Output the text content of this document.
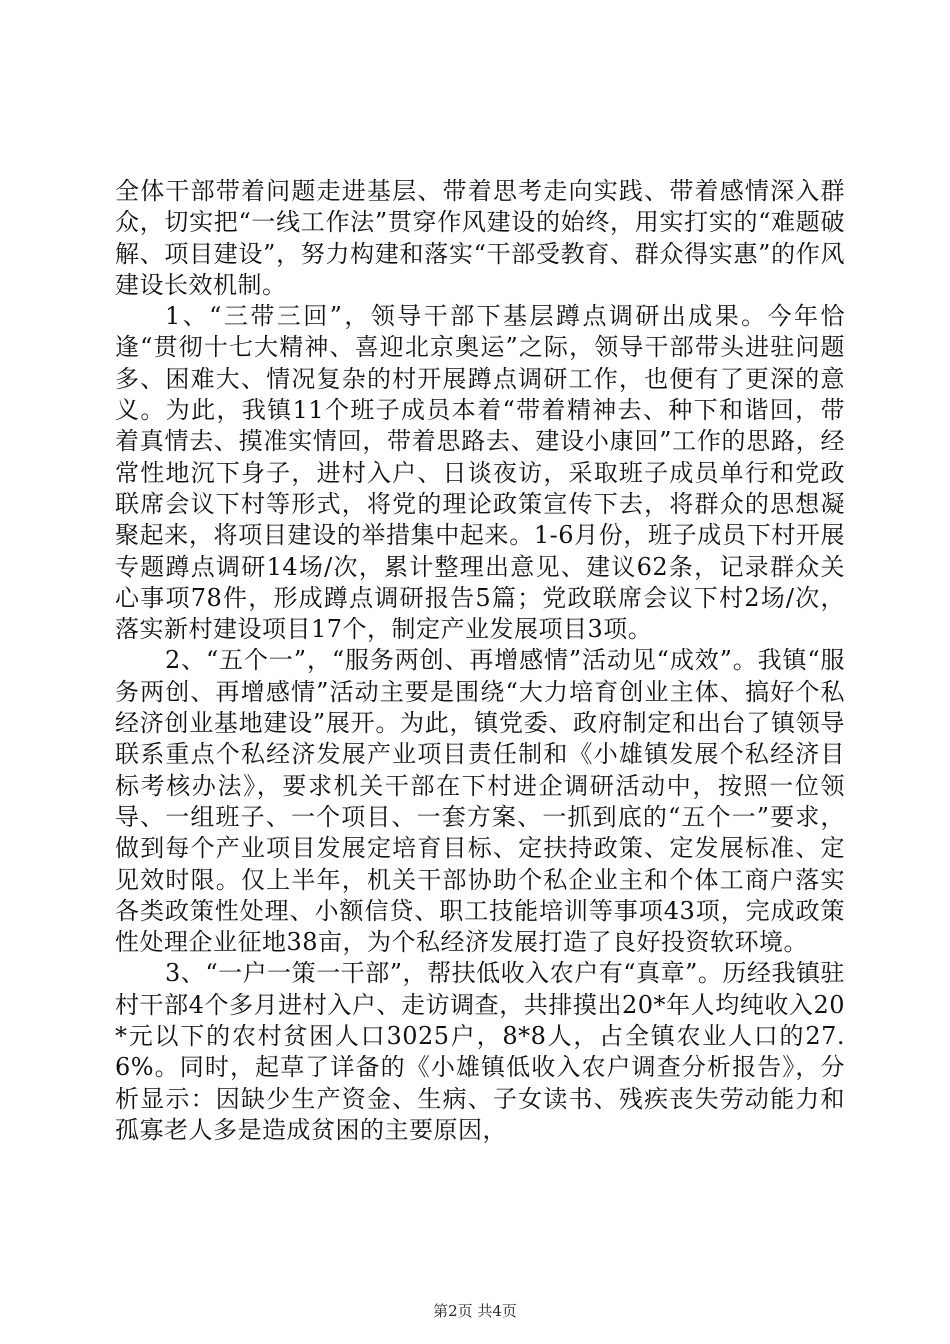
全体干部带着问题走进基层、带着思考走向实践、带着感情深入群众，切实把“一线工作法”贯穿作风建设的始终，用实打实的“难题破解、项目建设”，努力构建和落实“干部受教育、群众得实惠”的作风建设长效机制。

1、“三带三回”，领导干部下基层蹲点调研出成果。今年恰逢“贯彻十七大精神、喜迎北京奥运”之际，领导干部带头进驻问题多、困难大、情况复杂的村开展蹲点调研工作，也便有了更深的意义。为此，我镇11个班子成员本着“带着精神去、种下和谐回，带着真情去、摸准实情回，带着思路去、建设小康回”工作的思路，经常性地沉下身子，进村入户、日谈夜访，采取班子成员单行和党政联席会议下村等形式，将党的理论政策宣传下去，将群众的思想凝聚起来，将项目建设的举措集中起来。1-6月份，班子成员下村开展专题蹲点调研14场/次，累计整理出意见、建议62条，记录群众关心事项78件，形成蹲点调研报告5篇；党政联席会议下村2场/次，落实新村建设项目17个，制定产业发展项目3项。

2、“五个一”，“服务两创、再增感情”活动见“成效”。我镇“服务两创、再增感情”活动主要是围绕“大力培育创业主体、搞好个私经济创业基地建设”展开。为此，镇党委、政府制定和出台了镇领导联系重点个私经济发展产业项目责任制和《小雄镇发展个私经济目标考核办法》，要求机关干部在下村进企调研活动中，按照一位领导、一组班子、一个项目、一套方案、一抓到底的“五个一”要求，做到每个产业项目发展定培育目标、定扶持政策、定发展标准、定见效时限。仅上半年，机关干部协助个私企业主和个体工商户落实各类政策性处理、小额信贷、职工技能培训等事项43项，完成政策性处理企业征地38亩，为个私经济发展打造了良好投资软环境。

3、“一户一策一干部”，帮扶低收入农户有“真章”。历经我镇驻村干部4个多月进村入户、走访调查，共排摸出20*年人均纯收入20*元以下的农村贫困人口3025户，8*8人，占全镇农业人口的27.6%。同时，起草了详备的《小雄镇低收入农户调查分析报告》，分析显示：因缺少生产资金、生病、子女读书、残疾丧失劳动能力和孤寡老人多是造成贫困的主要原因，

第2页 共4页
